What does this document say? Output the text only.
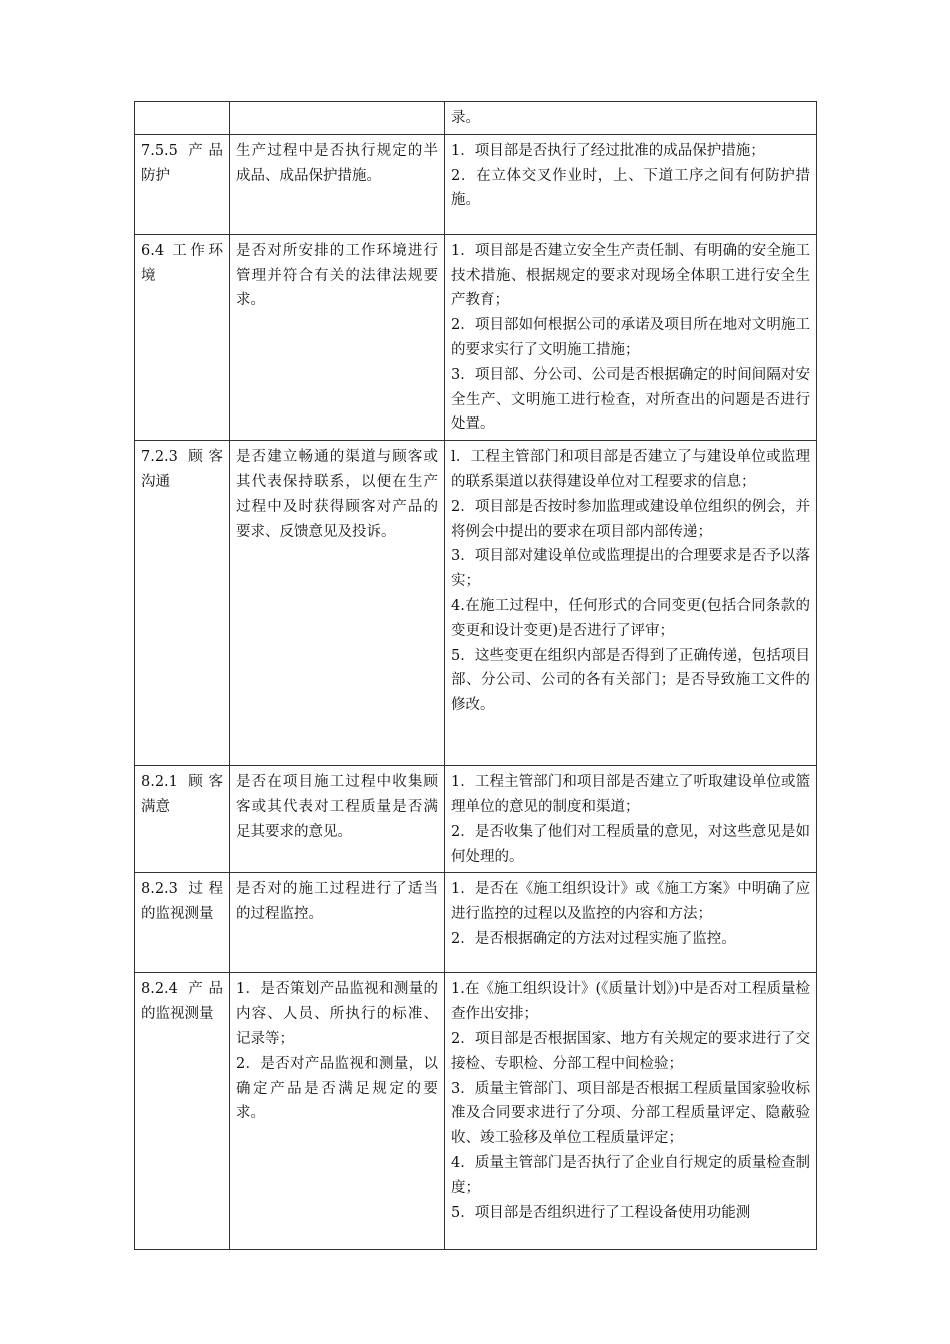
		录。

7.5.5 产品防护	生产过程中是否执行规定的半成品、成品保护措施。	1．项目部是否执行了经过批准的成品保护措施；
2．在立体交叉作业时，上、下道工序之间有何防护措施。

6.4 工作环境	是否对所安排的工作环境进行管理并符合有关的法律法规要求。	1．项目部是否建立安全生产责任制、有明确的安全施工技术措施、根据规定的要求对现场全体职工进行安全生产教育；
2．项目部如何根据公司的承诺及项目所在地对文明施工的要求实行了文明施工措施；
3．项目部、分公司、公司是否根据确定的时间间隔对安全生产、文明施工进行检查，对所查出的问题是否进行处置。

7.2.3 顾客沟通	是否建立畅通的渠道与顾客或其代表保持联系，以便在生产过程中及时获得顾客对产品的要求、反馈意见及投诉。	l．工程主管部门和项目部是否建立了与建设单位或监理的联系渠道以获得建设单位对工程要求的信息；
2．项目部是否按时参加监理或建设单位组织的例会，并将例会中提出的要求在项目部内部传递；
3．项目部对建设单位或监理提出的合理要求是否予以落实；
4.在施工过程中，任何形式的合同变更(包括合同条款的变更和设计变更)是否进行了评审；
5．这些变更在组织内部是否得到了正确传递，包括项目部、分公司、公司的各有关部门；是否导致施工文件的修改。

8.2.1 顾客满意	是否在项目施工过程中收集顾客或其代表对工程质量是否满足其要求的意见。	1．工程主管部门和项目部是否建立了听取建设单位或篮理单位的意见的制度和渠道；
2．是否收集了他们对工程质量的意见，对这些意见是如何处理的。

8.2.3 过程的监视测量	是否对的施工过程进行了适当的过程监控。	1．是否在《施工组织设计》或《施工方案》中明确了应进行监控的过程以及监控的内容和方法；
2．是否根据确定的方法对过程实施了监控。

8.2.4 产品的监视测量	1．是否策划产品监视和测量的内容、人员、所执行的标准、记录等；
2．是否对产品监视和测量，以确定产品是否满足规定的要求。	1.在《施工组织设计》(《质量计划》)中是否对工程质量检查作出安排；
2．项目部是否根据国家、地方有关规定的要求进行了交接检、专职检、分部工程中间检验；
3．质量主管部门、项目部是否根据工程质量国家验收标准及合同要求进行了分项、分部工程质量评定、隐蔽验收、竣工验移及单位工程质量评定；
4．质量主管部门是否执行了企业自行规定的质量检查制度；
5．项目部是否组织进行了工程设备使用功能测
